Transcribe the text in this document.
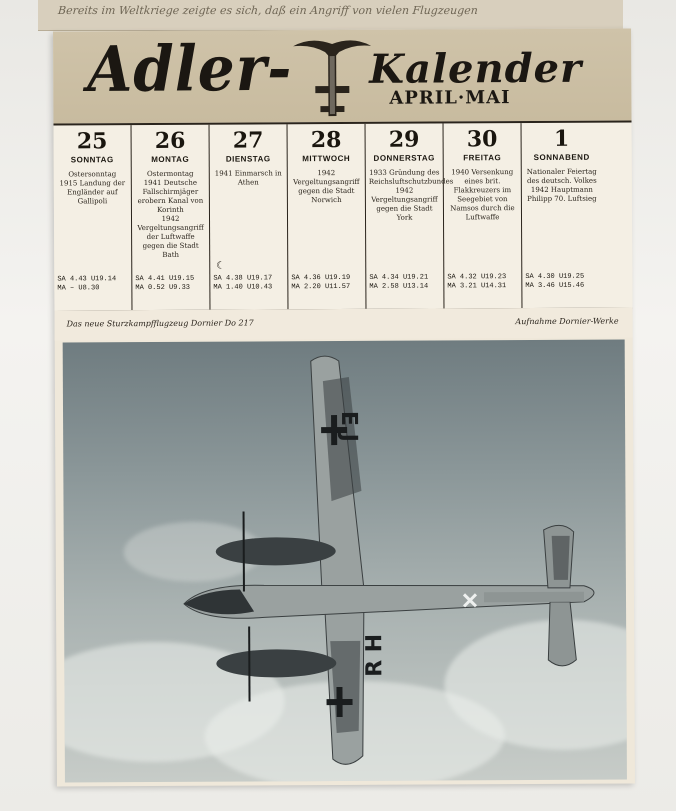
Bereits im Weltkriege zeigte es sich, daß ein Angriff von vielen Flugzeugen
Adler- Kalender
APRIL·MAI
25
SONNTAG
Ostersonntag
1915 Landung der Engländer auf Gallipoli
SA 4.43 U19.14
MA – U8.30
26
MONTAG
Ostermontag
1941 Deutsche Fallschirmjäger erobern Kanal von Korinth
1942 Vergeltungsangriff der Luftwaffe gegen die Stadt Bath
SA 4.41 U19.15
MA 0.52 U9.33
27
DIENSTAG
1941 Einmarsch in Athen
☾
SA 4.38 U19.17
MA 1.40 U10.43
28
MITTWOCH
1942 Vergeltungsangriff gegen die Stadt Norwich
SA 4.36 U19.19
MA 2.20 U11.57
29
DONNERSTAG
1933 Gründung des Reichsluftschutzbundes
1942 Vergeltungsangriff gegen die Stadt York
SA 4.34 U19.21
MA 2.58 U13.14
30
FREITAG
1940 Versenkung eines brit. Flakkreuzers im Seegebiet von Namsos durch die Luftwaffe
SA 4.32 U19.23
MA 3.21 U14.31
1
SONNABEND
Nationaler Feiertag des deutsch. Volkes
1942 Hauptmann Philipp 70. Luftsieg
SA 4.30 U19.25
MA 3.46 U15.46
Das neue Sturzkampfflugzeug Dornier Do 217	Aufnahme Dornier-Werke
E J
R H
